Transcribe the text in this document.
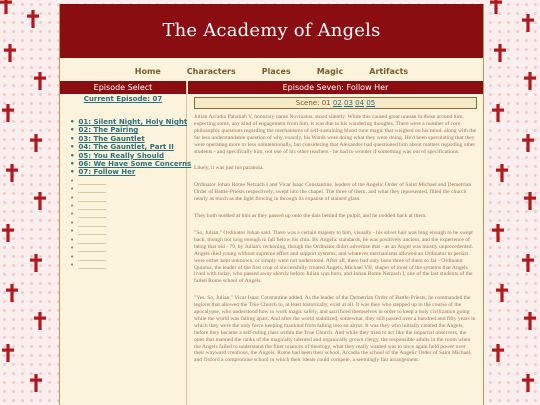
The Academy of Angels
Home	Characters	Places	Magic	Artifacts
Episode Select
Current Episode: 07
• 01: Silent Night, Holy Night
• 02: The Pairing
• 03: The Gauntlet
• 04: The Gauntlet, Part II
• 05: You Really Should
• 06: We Have Some Concerns
• 07: Follow Her
• ________
• ________
• ________
• ________
• ________
• ________
• ________
• ________
• ________
• ________
• ________
Episode Seven: Follow Her
Scene: 01 02 03 04 05

Julian Arcadia Pahaliah V, honorary name Novinatus, stood silently. While this caused great unease in those around him, expecting some, any kind of engagement from him, it was due to his wandering thoughts. There were a number of core philosophic questions regarding the mechanisms of self-sustaining blood rune magic that weighed on his mind, along with the far less understandable question of why, exactly, his Wards were doing what they were doing. He'd been speculating that they were operating more or less unintentionally, but considering that Alexander had questioned him about matters regarding other students - and specifically him, not one of his other teachers - he had to wonder if something was out of specifications.

Likely, it was just his paranoia.

Ordinator Johan Rome Netzach I and Vicar Isaac Constantine, leaders of the Angelic Order of Saint Michael and Demetrian Order of Battle-Priests respectively, swept into the chapel. The three of them, and what they represented, filled the church nearly as much as the light flowing in through its expanse of stained glass.

They both nodded at him as they passed up onto the dais behind the pulpit, and he nodded back at them.

"So, Julian," Ordinator Johan said. There was a certain majesty to him, visually - his silver hair was long enough to be swept back, though not long enough to fall below his chin. By Angelic standards, he was positively ancient, and the experience of being that old - 79, by Julian's reckoning, though the Ordinator didn't advertise that - as an Angel was mostly unprecedented. Angels died young without supreme effort and support systems, and whatever mechanisms allowed an Ordinator to persist were either kept unknown, or simply were not understood. After all, there had only been three of them so far - Ordinator Quintus, the leader of the first crop of successfully created Angels, Michael VII, shaper of most of the systems that Angels lived with today, who passed away shortly before Julian was born, and Johan Rome Netzach I, one of the last students of the failed Rome school of Angels.

"Yes. So, Julian," Vicar Isaac Constantine added. As the leader of the Demetrian Order of Battle-Priests, he commanded the legions that allowed the True Church to, at least historically, exist at all. It was they who stepped up in the course of the apocalypse, who understood how to work magic safely, and sacrificed themselves in order to keep a holy civilization going while the world was falling apart. And after the world stabilized, somewhat, they still passed over a hundred and fifty years in which they were the only force keeping mankind from falling into an abyss. It was they who initially created the Angels, before they became a self-ruling class within the True Church. And while they tried to act like the impartial observers, the ones that manned the ranks of the magically talented and organically grown clergy, the responsible adults in the room when the Angels failed to understand the finer nuances of theology, what they really wanted was to once again hold power over their wayward creations, the Angels. Rome had been their school, Arcadia the school of the Angelic Order of Saint Michael, and Oxford a compromise school in which their ideals could compete, a seemingly fair arrangement.
